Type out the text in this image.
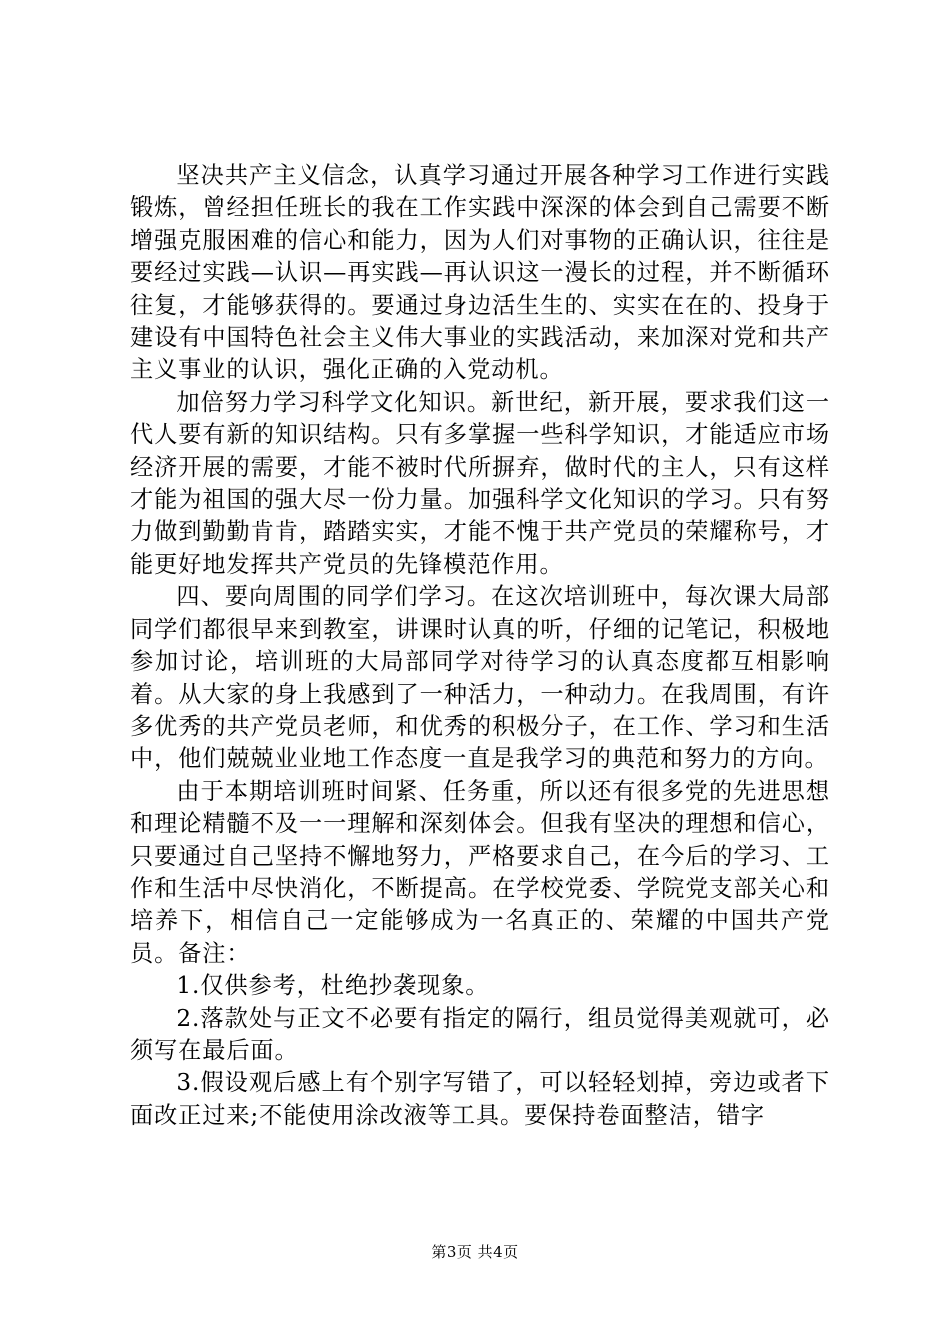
坚决共产主义信念，认真学习通过开展各种学习工作进行实践锻炼，曾经担任班长的我在工作实践中深深的体会到自己需要不断增强克服困难的信心和能力，因为人们对事物的正确认识，往往是要经过实践—认识—再实践—再认识这一漫长的过程，并不断循环往复，才能够获得的。要通过身边活生生的、实实在在的、投身于建设有中国特色社会主义伟大事业的实践活动，来加深对党和共产主义事业的认识，强化正确的入党动机。

加倍努力学习科学文化知识。新世纪，新开展，要求我们这一代人要有新的知识结构。只有多掌握一些科学知识，才能适应市场经济开展的需要，才能不被时代所摒弃，做时代的主人，只有这样才能为祖国的强大尽一份力量。加强科学文化知识的学习。只有努力做到勤勤肯肯，踏踏实实，才能不愧于共产党员的荣耀称号，才能更好地发挥共产党员的先锋模范作用。

四、要向周围的同学们学习。在这次培训班中，每次课大局部同学们都很早来到教室，讲课时认真的听，仔细的记笔记，积极地参加讨论，培训班的大局部同学对待学习的认真态度都互相影响着。从大家的身上我感到了一种活力，一种动力。在我周围，有许多优秀的共产党员老师，和优秀的积极分子，在工作、学习和生活中，他们兢兢业业地工作态度一直是我学习的典范和努力的方向。

由于本期培训班时间紧、任务重，所以还有很多党的先进思想和理论精髓不及一一理解和深刻体会。但我有坚决的理想和信心，只要通过自己坚持不懈地努力，严格要求自己，在今后的学习、工作和生活中尽快消化，不断提高。在学校党委、学院党支部关心和培养下，相信自己一定能够成为一名真正的、荣耀的中国共产党员。备注：

1.仅供参考，杜绝抄袭现象。

2.落款处与正文不必要有指定的隔行，组员觉得美观就可，必须写在最后面。

3.假设观后感上有个别字写错了，可以轻轻划掉，旁边或者下面改正过来;不能使用涂改液等工具。要保持卷面整洁，错字

第3页 共4页
